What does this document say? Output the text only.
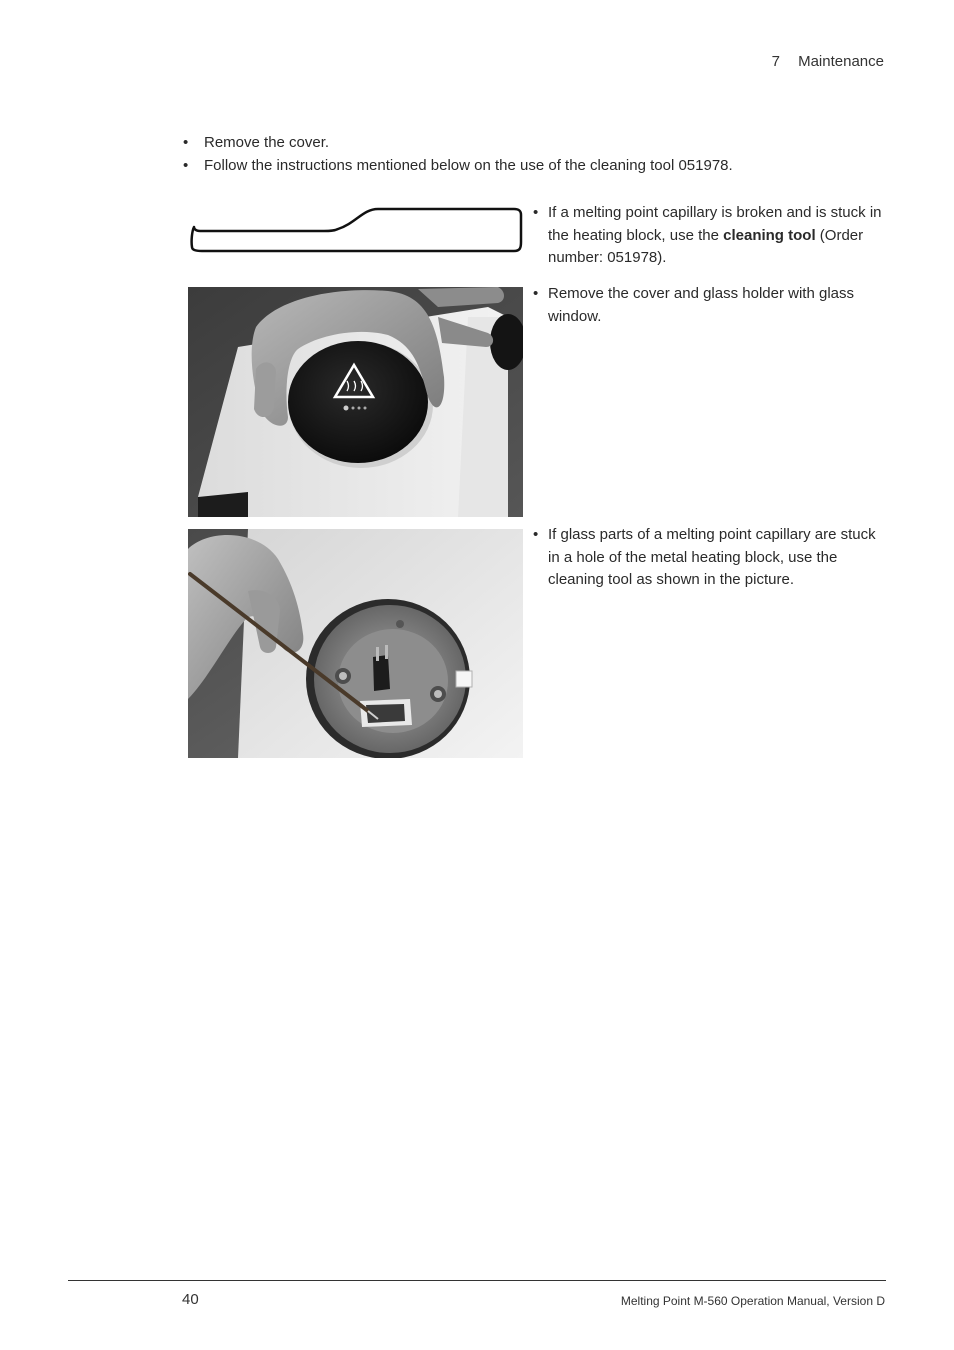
7 Maintenance
• Remove the cover.
• Follow the instructions mentioned below on the use of the cleaning tool 051978.
• If a melting point capillary is broken and is stuck in the heating block, use the cleaning tool (Order number: 051978).
• Remove the cover and glass holder with glass window.
• If glass parts of a melting point capillary are stuck in a hole of the metal heating block, use the cleaning tool as shown in the picture.
40	Melting Point M-560 Operation Manual, Version D
